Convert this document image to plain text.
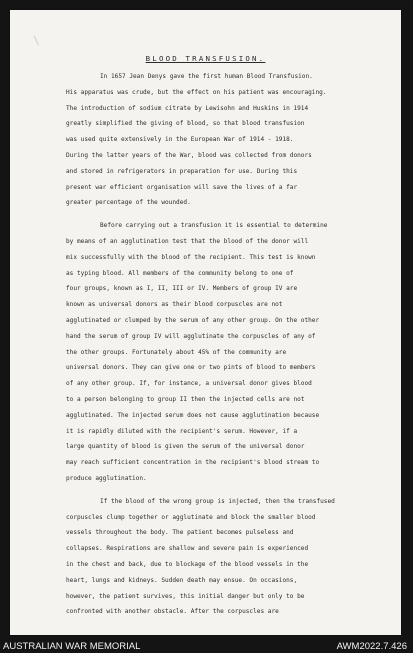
BLOOD TRANSFUSION.
In 1657 Jean Denys gave the first human Blood Transfusion.
His apparatus was crude, but the effect on his patient was encouraging.
The introduction of sodium citrate by Lewisohn and Huskins in 1914
greatly simplified the giving of blood, so that blood transfusion
was used quite extensively in the European War of 1914 - 1918.
During the latter years of the War, blood was collected from donors
and stored in refrigerators in preparation for use. During this
present war efficient organisation will save the lives of a far
greater percentage of the wounded.
Before carrying out a transfusion it is essential to determine
by means of an agglutination test that the blood of the donor will
mix successfully with the blood of the recipient. This test is known
as typing blood. All members of the community belong to one of
four groups, known as I, II, III or IV. Members of group IV are
known as universal donors as their blood corpuscles are not
agglutinated or clumped by the serum of any other group. On the other
hand the serum of group IV will agglutinate the corpuscles of any of
the other groups. Fortunately about 45% of the community are
universal donors. They can give one or two pints of blood to members
of any other group. If, for instance, a universal donor gives blood
to a person belonging to group II then the injected cells are not
agglutinated. The injected serum does not cause agglutination because
it is rapidly diluted with the recipient's serum. However, if a
large quantity of blood is given the serum of the universal donor
may reach sufficient concentration in the recipient's blood stream to
produce agglutination.
If the blood of the wrong group is injected, then the transfused
corpuscles clump together or agglutinate and block the smaller blood
vessels throughout the body. The patient becomes pulseless and
collapses. Respirations are shallow and severe pain is experienced
in the chest and back, due to blockage of the blood vessels in the
heart, lungs and kidneys. Sudden death may ensue. On occasions,
however, the patient survives, this initial danger but only to be
confronted with another obstacle. After the corpuscles are
AUSTRALIAN WAR MEMORIAL	AWM2022.7.426
